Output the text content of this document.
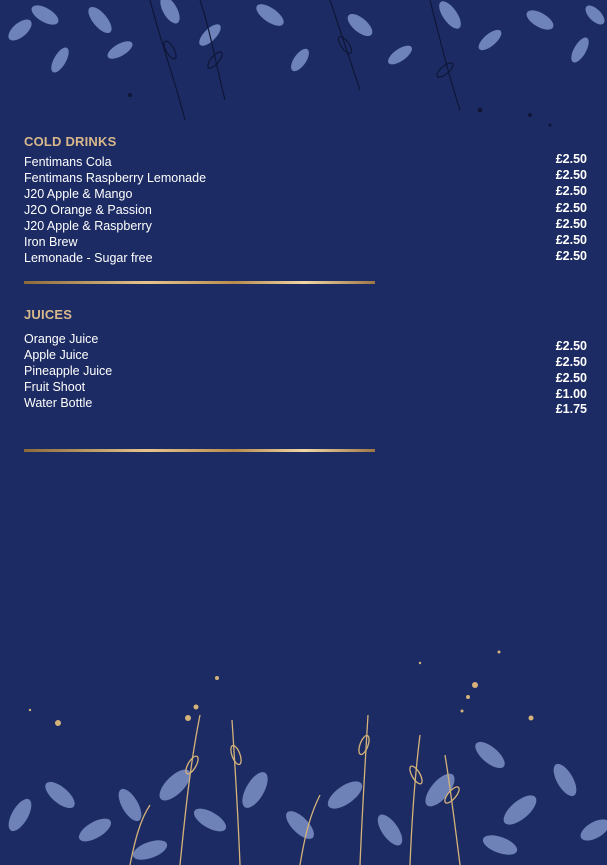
COLD DRINKS
Fentimans Cola
Fentimans Raspberry Lemonade
J20 Apple & Mango
J2O Orange & Passion
J20 Apple & Raspberry
Iron Brew
Lemonade - Sugar free
£2.50
£2.50
£2.50
£2.50
£2.50
£2.50
£2.50
JUICES
Orange Juice
Apple Juice
Pineapple Juice
Fruit Shoot
Water Bottle
£2.50
£2.50
£2.50
£1.00
£1.75
